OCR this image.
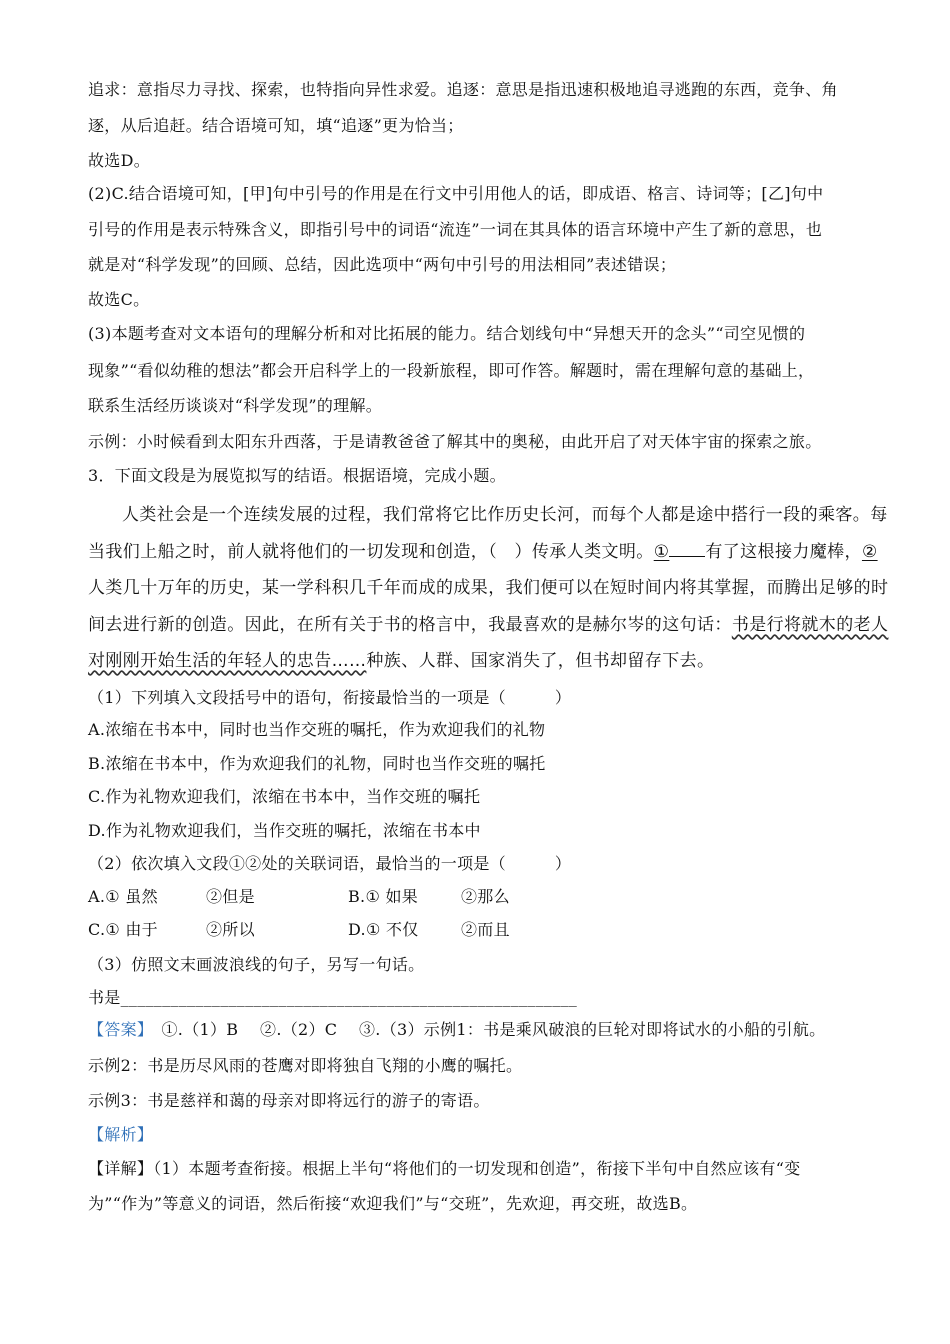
追求：意指尽力寻找、探索，也特指向异性求爱。追逐：意思是指迅速积极地追寻逃跑的东西，竞争、角
逐，从后追赶。结合语境可知，填“追逐”更为恰当；
故选D。
(2)C.结合语境可知，[甲]句中引号的作用是在行文中引用他人的话，即成语、格言、诗词等；[乙]句中
引号的作用是表示特殊含义，即指引号中的词语“流连”一词在其具体的语言环境中产生了新的意思，也
就是对“科学发现”的回顾、总结，因此选项中“两句中引号的用法相同”表述错误；
故选C。
(3)本题考查对文本语句的理解分析和对比拓展的能力。结合划线句中“异想天开的念头”“司空见惯的
现象”“看似幼稚的想法”都会开启科学上的一段新旅程，即可作答。解题时，需在理解句意的基础上，
联系生活经历谈谈对“科学发现”的理解。
示例：小时候看到太阳东升西落，于是请教爸爸了解其中的奥秘，由此开启了对天体宇宙的探索之旅。
3．下面文段是为展览拟写的结语。根据语境，完成小题。
人类社会是一个连续发展的过程，我们常将它比作历史长河，而每个人都是途中搭行一段的乘客。每
当我们上船之时，前人就将他们的一切发现和创造，（　）传承人类文明。① 有了这根接力魔棒，②
人类几十万年的历史，某一学科积几千年而成的成果，我们便可以在短时间内将其掌握，而腾出足够的时
间去进行新的创造。因此，在所有关于书的格言中，我最喜欢的是赫尔岑的这句话：书是行将就木的老人
对刚刚开始生活的年轻人的忠告……种族、人群、国家消失了，但书却留存下去。
（1）下列填入文段括号中的语句，衔接最恰当的一项是（　　　）
A.浓缩在书本中，同时也当作交班的嘱托，作为欢迎我们的礼物
B.浓缩在书本中，作为欢迎我们的礼物，同时也当作交班的嘱托
C.作为礼物欢迎我们，浓缩在书本中，当作交班的嘱托
D.作为礼物欢迎我们，当作交班的嘱托，浓缩在书本中
（2）依次填入文段①②处的关联词语，最恰当的一项是（　　　）
A.① 虽然	②但是	B.① 如果	②那么
C.① 由于	②所以	D.① 不仅	②而且
（3）仿照文末画波浪线的句子，另写一句话。
书是_______________________________________________________
【答案】　①.（1）B　 ②.（2）C　 ③.（3）示例1：书是乘风破浪的巨轮对即将试水的小船的引航。
示例2：书是历尽风雨的苍鹰对即将独自飞翔的小鹰的嘱托。
示例3：书是慈祥和蔼的母亲对即将远行的游子的寄语。
【解析】
【详解】（1）本题考查衔接。根据上半句“将他们的一切发现和创造”，衔接下半句中自然应该有“变
为”“作为”等意义的词语，然后衔接“欢迎我们”与“交班”，先欢迎，再交班，故选B。
